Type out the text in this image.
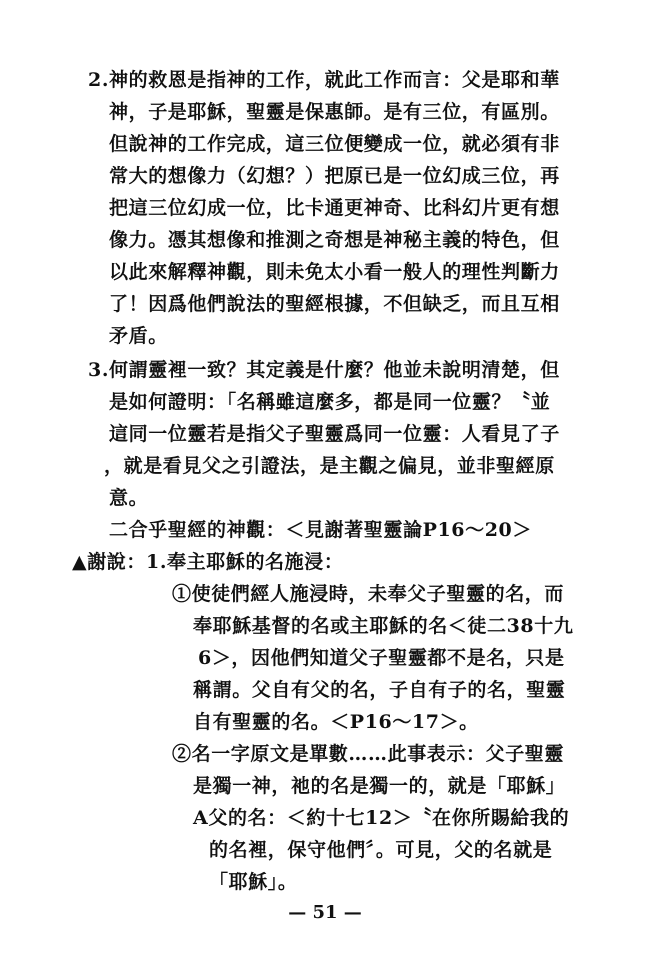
2.神的救恩是指神的工作，就此工作而言：父是耶和華
神，子是耶穌，聖靈是保惠師。是有三位，有區別。
但說神的工作完成，這三位便變成一位，就必須有非
常大的想像力（幻想？）把原已是一位幻成三位，再
把這三位幻成一位，比卡通更神奇、比科幻片更有想
像力。憑其想像和推測之奇想是神秘主義的特色，但
以此來解釋神觀，則未免太小看一般人的理性判斷力
了！因爲他們說法的聖經根據，不但缺乏，而且互相
矛盾。
3.何謂靈裡一致？其定義是什麼？他並未說明清楚，但
是如何證明：「名稱雖這麼多，都是同一位靈？〝並
這同一位靈若是指父子聖靈爲同一位靈：人看見了子
，就是看見父之引證法，是主觀之偏見，並非聖經原
意。
二合乎聖經的神觀：＜見謝著聖靈論P16～20＞
▲謝說：1.奉主耶穌的名施浸：
①使徒們經人施浸時，未奉父子聖靈的名，而
奉耶穌基督的名或主耶穌的名＜徒二38十九
6＞，因他們知道父子聖靈都不是名，只是
稱謂。父自有父的名，子自有子的名，聖靈
自有聖靈的名。＜P16～17＞。
②名一字原文是單數……此事表示：父子聖靈
是獨一神，祂的名是獨一的，就是「耶穌」
A父的名：＜約十七12＞〝在你所賜給我的
的名裡，保守他們〞。可見，父的名就是
「耶穌」。
— 51 —
